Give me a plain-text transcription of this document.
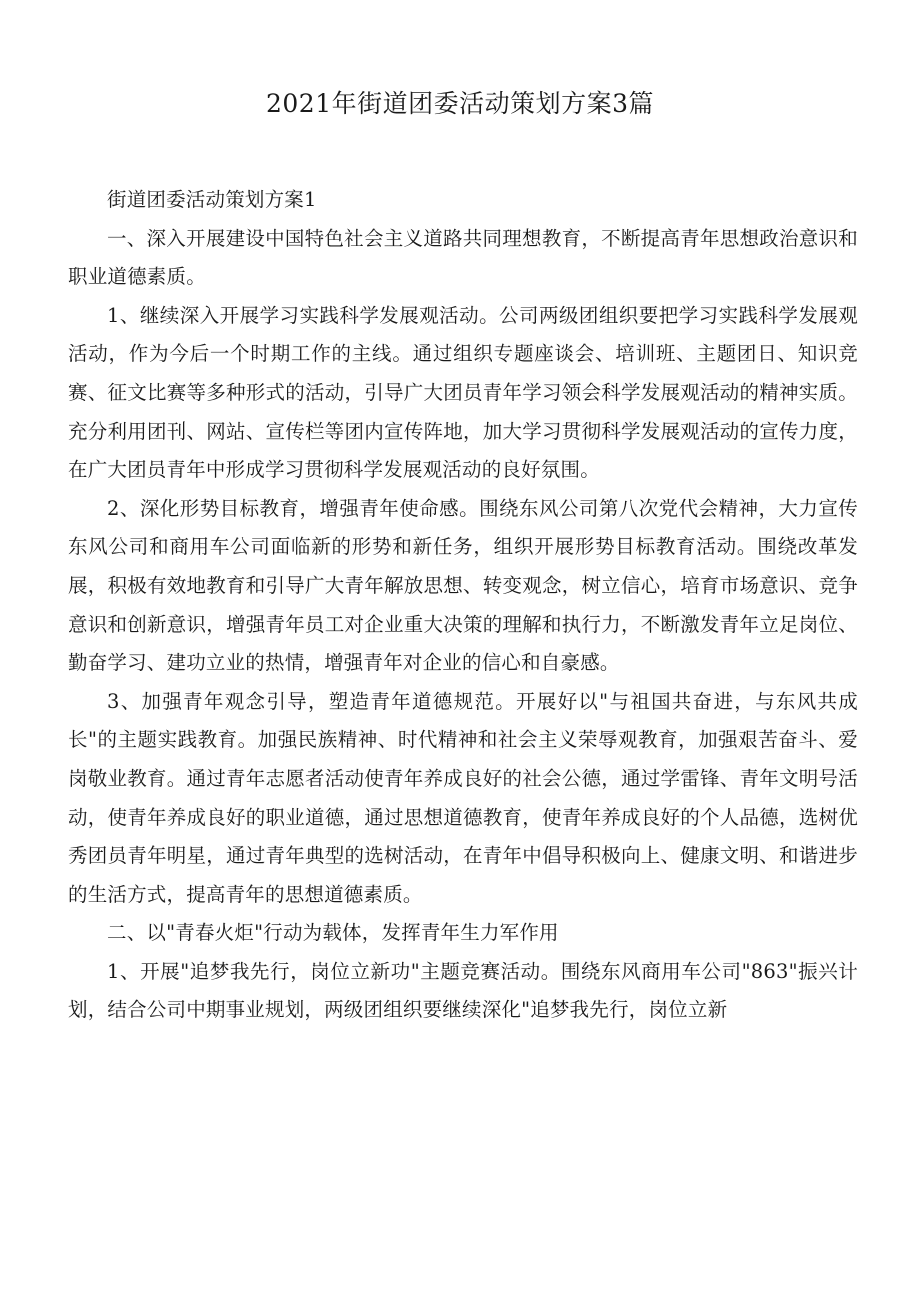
2021年街道团委活动策划方案3篇

街道团委活动策划方案1

一、深入开展建设中国特色社会主义道路共同理想教育，不断提高青年思想政治意识和职业道德素质。

1、继续深入开展学习实践科学发展观活动。公司两级团组织要把学习实践科学发展观活动，作为今后一个时期工作的主线。通过组织专题座谈会、培训班、主题团日、知识竞赛、征文比赛等多种形式的活动，引导广大团员青年学习领会科学发展观活动的精神实质。充分利用团刊、网站、宣传栏等团内宣传阵地，加大学习贯彻科学发展观活动的宣传力度，在广大团员青年中形成学习贯彻科学发展观活动的良好氛围。

2、深化形势目标教育，增强青年使命感。围绕东风公司第八次党代会精神，大力宣传东风公司和商用车公司面临新的形势和新任务，组织开展形势目标教育活动。围绕改革发展，积极有效地教育和引导广大青年解放思想、转变观念，树立信心，培育市场意识、竞争意识和创新意识，增强青年员工对企业重大决策的理解和执行力，不断激发青年立足岗位、勤奋学习、建功立业的热情，增强青年对企业的信心和自豪感。

3、加强青年观念引导，塑造青年道德规范。开展好以"与祖国共奋进，与东风共成长"的主题实践教育。加强民族精神、时代精神和社会主义荣辱观教育，加强艰苦奋斗、爱岗敬业教育。通过青年志愿者活动使青年养成良好的社会公德，通过学雷锋、青年文明号活动，使青年养成良好的职业道德，通过思想道德教育，使青年养成良好的个人品德，选树优秀团员青年明星，通过青年典型的选树活动，在青年中倡导积极向上、健康文明、和谐进步的生活方式，提高青年的思想道德素质。

二、以"青春火炬"行动为载体，发挥青年生力军作用

1、开展"追梦我先行，岗位立新功"主题竞赛活动。围绕东风商用车公司"863"振兴计划，结合公司中期事业规划，两级团组织要继续深化"追梦我先行，岗位立新
